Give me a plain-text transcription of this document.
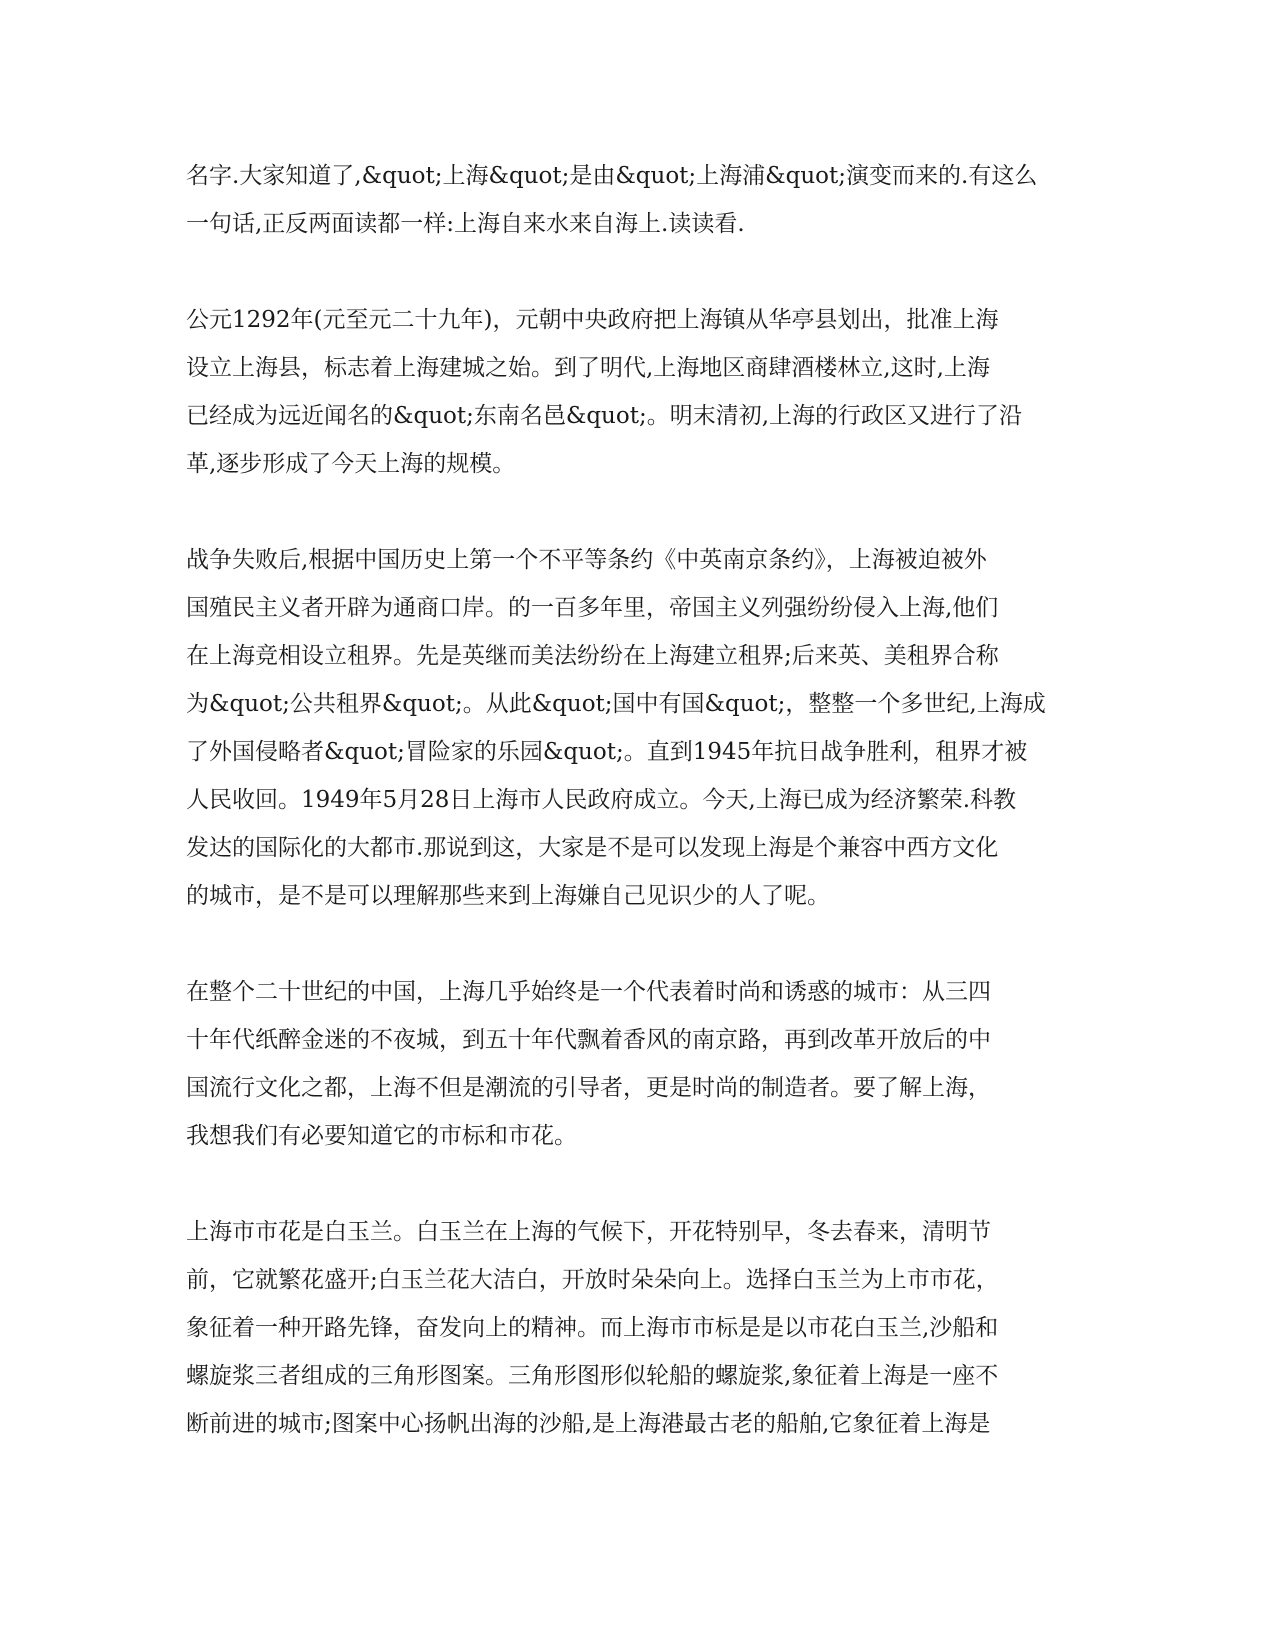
名字.大家知道了,&quot;上海&quot;是由&quot;上海浦&quot;演变而来的.有这么
一句话,正反两面读都一样:上海自来水来自海上.读读看.
公元1292年(元至元二十九年)，元朝中央政府把上海镇从华亭县划出，批准上海
设立上海县，标志着上海建城之始。到了明代,上海地区商肆酒楼林立,这时,上海
已经成为远近闻名的&quot;东南名邑&quot;。明末清初,上海的行政区又进行了沿
革,逐步形成了今天上海的规模。
战争失败后,根据中国历史上第一个不平等条约《中英南京条约》，上海被迫被外
国殖民主义者开辟为通商口岸。的一百多年里，帝国主义列强纷纷侵入上海,他们
在上海竞相设立租界。先是英继而美法纷纷在上海建立租界;后来英、美租界合称
为&quot;公共租界&quot;。从此&quot;国中有国&quot;，整整一个多世纪,上海成
了外国侵略者&quot;冒险家的乐园&quot;。直到1945年抗日战争胜利，租界才被
人民收回。1949年5月28日上海市人民政府成立。今天,上海已成为经济繁荣.科教
发达的国际化的大都市.那说到这，大家是不是可以发现上海是个兼容中西方文化
的城市，是不是可以理解那些来到上海嫌自己见识少的人了呢。
在整个二十世纪的中国，上海几乎始终是一个代表着时尚和诱惑的城市：从三四
十年代纸醉金迷的不夜城，到五十年代飘着香风的南京路，再到改革开放后的中
国流行文化之都，上海不但是潮流的引导者，更是时尚的制造者。要了解上海，
我想我们有必要知道它的市标和市花。
上海市市花是白玉兰。白玉兰在上海的气候下，开花特别早，冬去春来，清明节
前，它就繁花盛开;白玉兰花大洁白，开放时朵朵向上。选择白玉兰为上市市花，
象征着一种开路先锋，奋发向上的精神。而上海市市标是是以市花白玉兰,沙船和
螺旋浆三者组成的三角形图案。三角形图形似轮船的螺旋浆,象征着上海是一座不
断前进的城市;图案中心扬帆出海的沙船,是上海港最古老的船舶,它象征着上海是
